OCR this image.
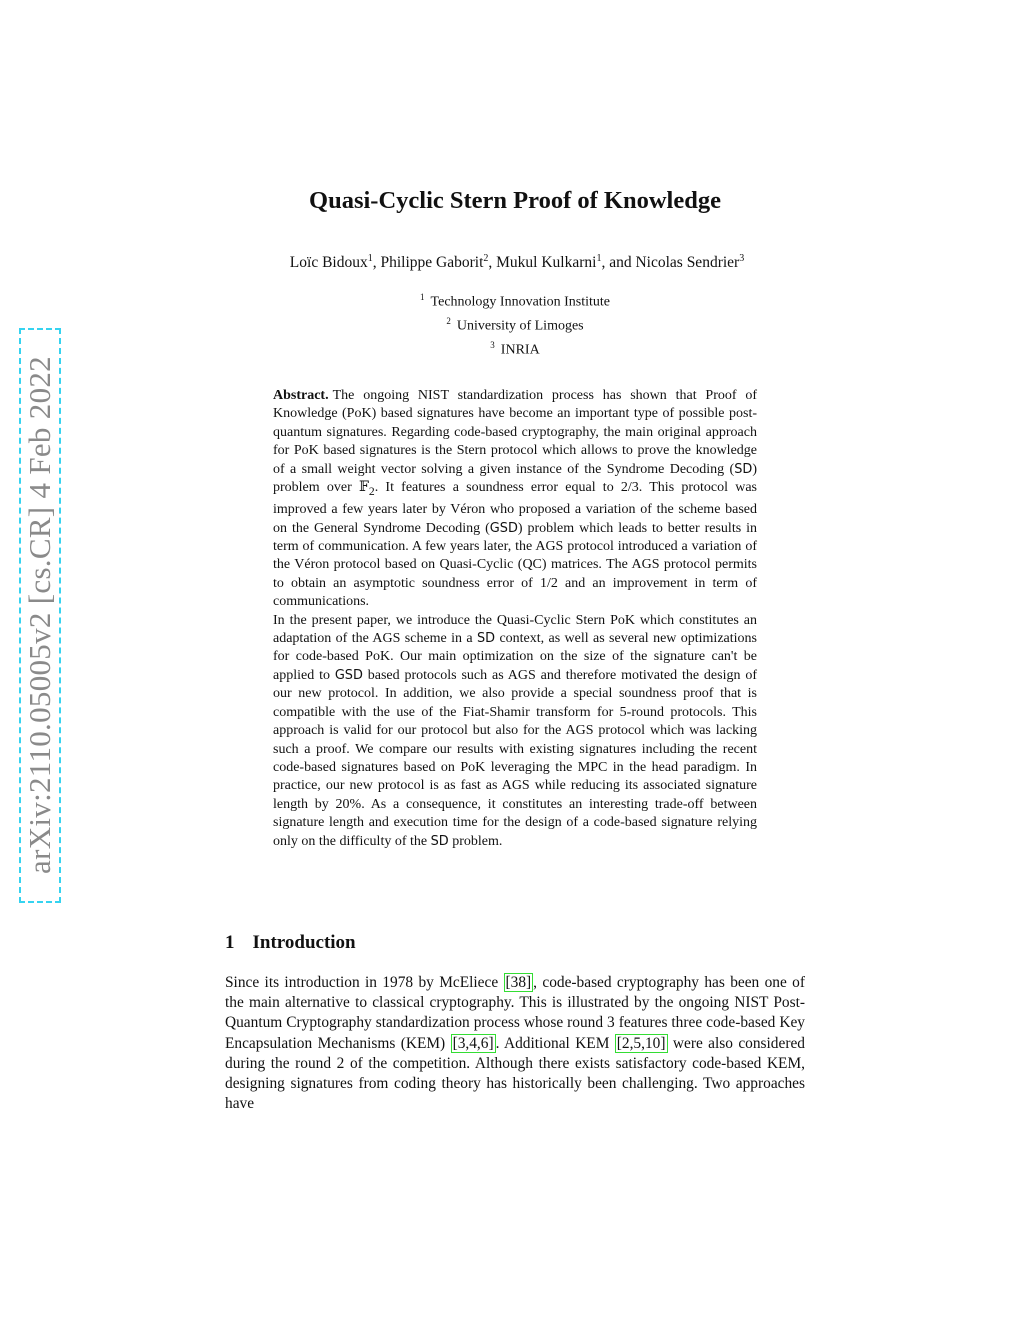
arXiv:2110.05005v2 [cs.CR] 4 Feb 2022
Quasi-Cyclic Stern Proof of Knowledge
Loïc Bidoux$^1$, Philippe Gaborit$^2$, Mukul Kulkarni$^1$, and Nicolas Sendrier$^3$
$^1$ Technology Innovation Institute
$^2$ University of Limoges
$^3$ INRIA

Abstract. The ongoing NIST standardization process has shown that Proof of Knowledge (PoK) based signatures have become an important type of possible post-quantum signatures. Regarding code-based cryptography, the main original approach for PoK based signatures is the Stern protocol which allows to prove the knowledge of a small weight vector solving a given instance of the Syndrome Decoding (SD) problem over 𝔽$_2$. It features a soundness error equal to 2/3. This protocol was improved a few years later by Véron who proposed a variation of the scheme based on the General Syndrome Decoding (GSD) problem which leads to better results in term of communication. A few years later, the AGS protocol introduced a variation of the Véron protocol based on Quasi-Cyclic (QC) matrices. The AGS protocol permits to obtain an asymptotic soundness error of 1/2 and an improvement in term of communications.

In the present paper, we introduce the Quasi-Cyclic Stern PoK which constitutes an adaptation of the AGS scheme in a SD context, as well as several new optimizations for code-based PoK. Our main optimization on the size of the signature can't be applied to GSD based protocols such as AGS and therefore motivated the design of our new protocol. In addition, we also provide a special soundness proof that is compatible with the use of the Fiat-Shamir transform for 5-round protocols. This approach is valid for our protocol but also for the AGS protocol which was lacking such a proof. We compare our results with existing signatures including the recent code-based signatures based on PoK leveraging the MPC in the head paradigm. In practice, our new protocol is as fast as AGS while reducing its associated signature length by 20%. As a consequence, it constitutes an interesting trade-off between signature length and execution time for the design of a code-based signature relying only on the difficulty of the SD problem.

1 Introduction

Since its introduction in 1978 by McEliece [38] , code-based cryptography has been one of the main alternative to classical cryptography. This is illustrated by the ongoing NIST Post-Quantum Cryptography standardization process whose round 3 features three code-based Key Encapsulation Mechanisms (KEM) [3,4,6] . Additional KEM [2,5,10] were also considered during the round 2 of the competition. Although there exists satisfactory code-based KEM, designing signatures from coding theory has historically been challenging. Two approaches have
